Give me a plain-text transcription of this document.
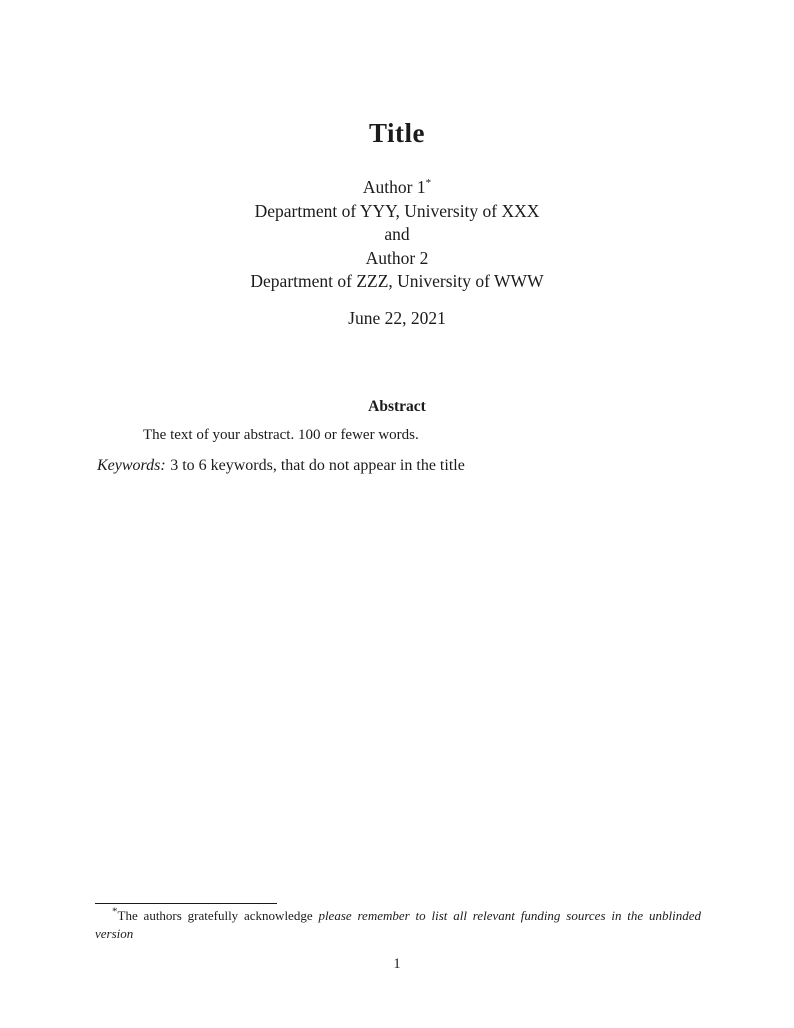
Title
Author 1*
Department of YYY, University of XXX
and
Author 2
Department of ZZZ, University of WWW
June 22, 2021
Abstract
The text of your abstract. 100 or fewer words.
Keywords: 3 to 6 keywords, that do not appear in the title
*The authors gratefully acknowledge please remember to list all relevant funding sources in the unblinded version
1
